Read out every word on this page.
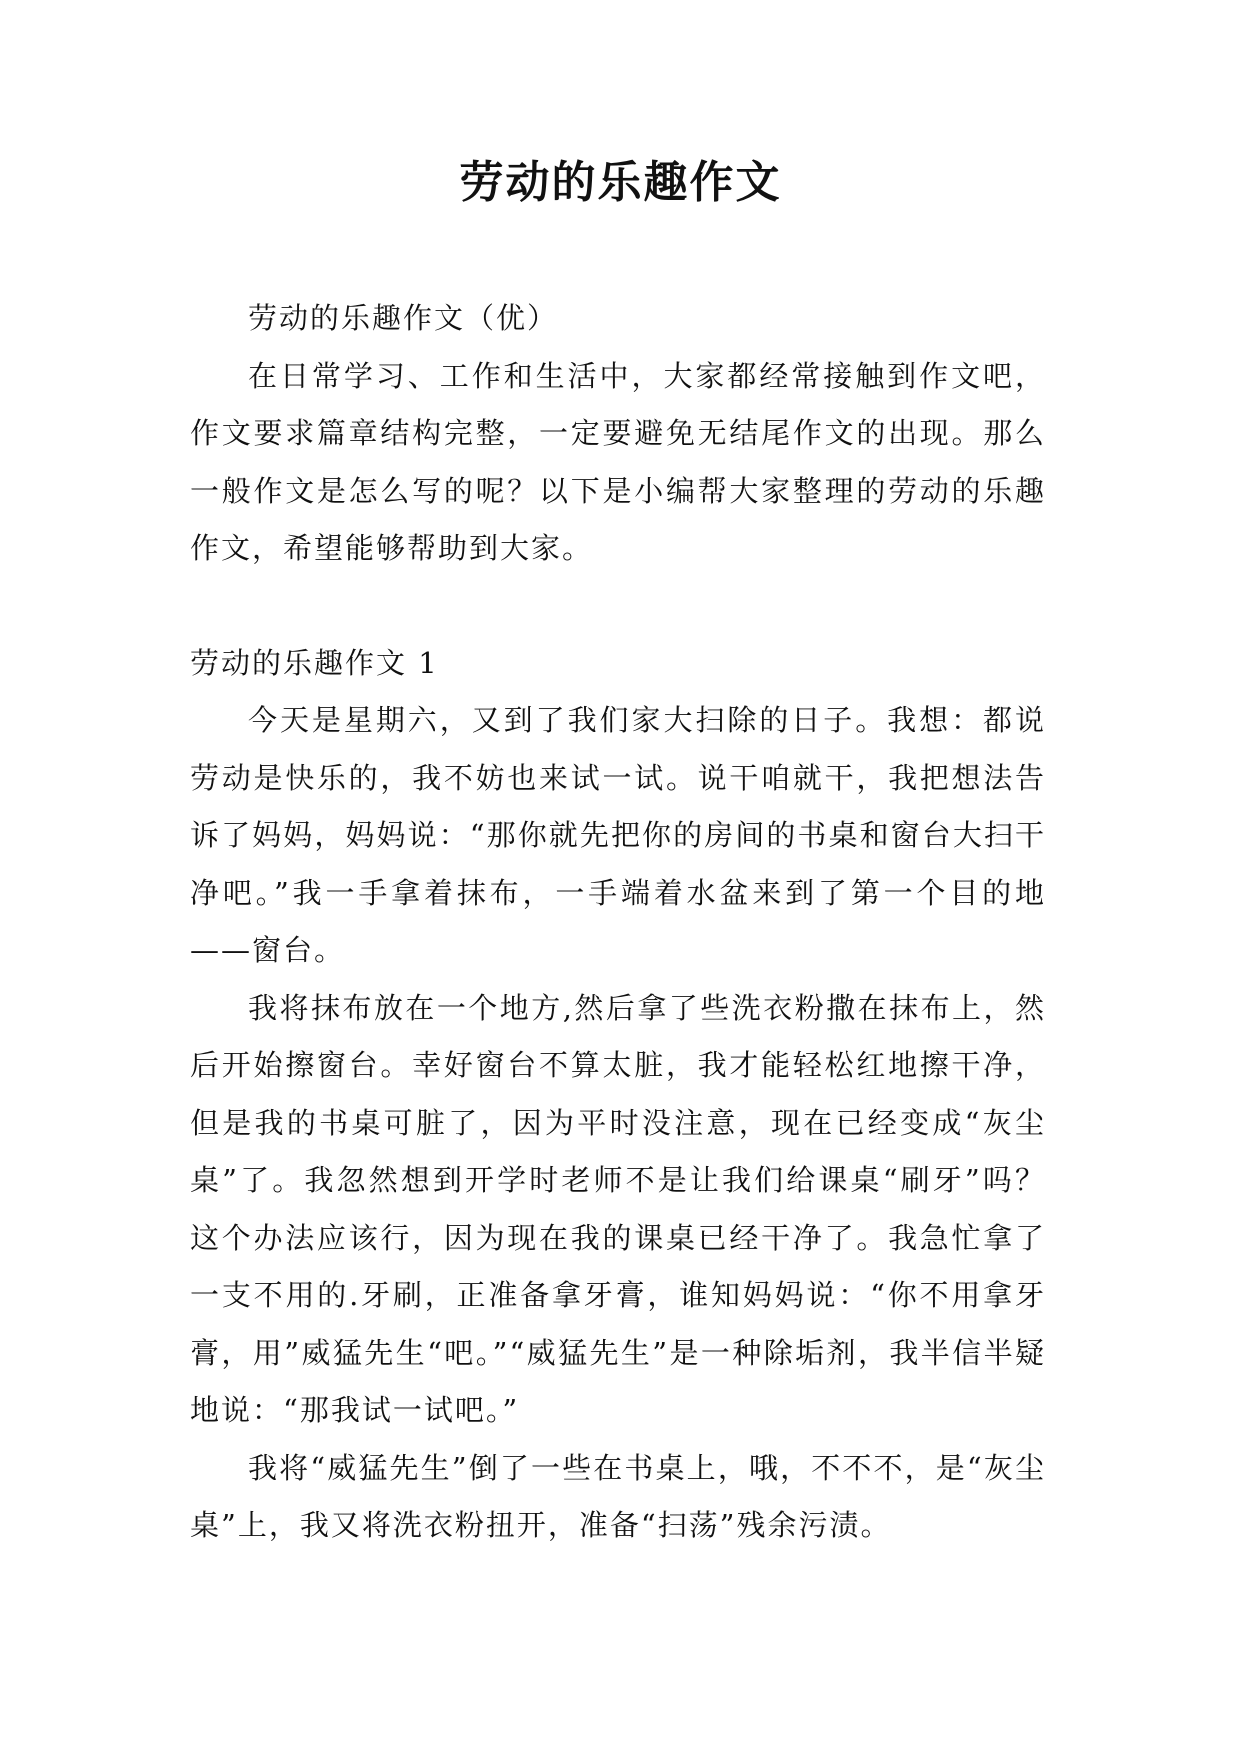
劳动的乐趣作文

劳动的乐趣作文（优）

在日常学习、工作和生活中，大家都经常接触到作文吧，作文要求篇章结构完整，一定要避免无结尾作文的出现。那么一般作文是怎么写的呢？以下是小编帮大家整理的劳动的乐趣作文，希望能够帮助到大家。

劳动的乐趣作文 1

今天是星期六，又到了我们家大扫除的日子。我想：都说劳动是快乐的，我不妨也来试一试。说干咱就干，我把想法告诉了妈妈，妈妈说：“那你就先把你的房间的书桌和窗台大扫干净吧。”我一手拿着抹布，一手端着水盆来到了第一个目的地——窗台。

我将抹布放在一个地方,然后拿了些洗衣粉撒在抹布上，然后开始擦窗台。幸好窗台不算太脏，我才能轻松红地擦干净，但是我的书桌可脏了，因为平时没注意，现在已经变成“灰尘桌”了。我忽然想到开学时老师不是让我们给课桌“刷牙”吗？这个办法应该行，因为现在我的课桌已经干净了。我急忙拿了一支不用的.牙刷，正准备拿牙膏，谁知妈妈说：“你不用拿牙膏，用”威猛先生“吧。”“威猛先生”是一种除垢剂，我半信半疑地说：“那我试一试吧。”

我将“威猛先生”倒了一些在书桌上，哦，不不不，是“灰尘桌”上，我又将洗衣粉扭开，准备“扫荡”残余污渍。
